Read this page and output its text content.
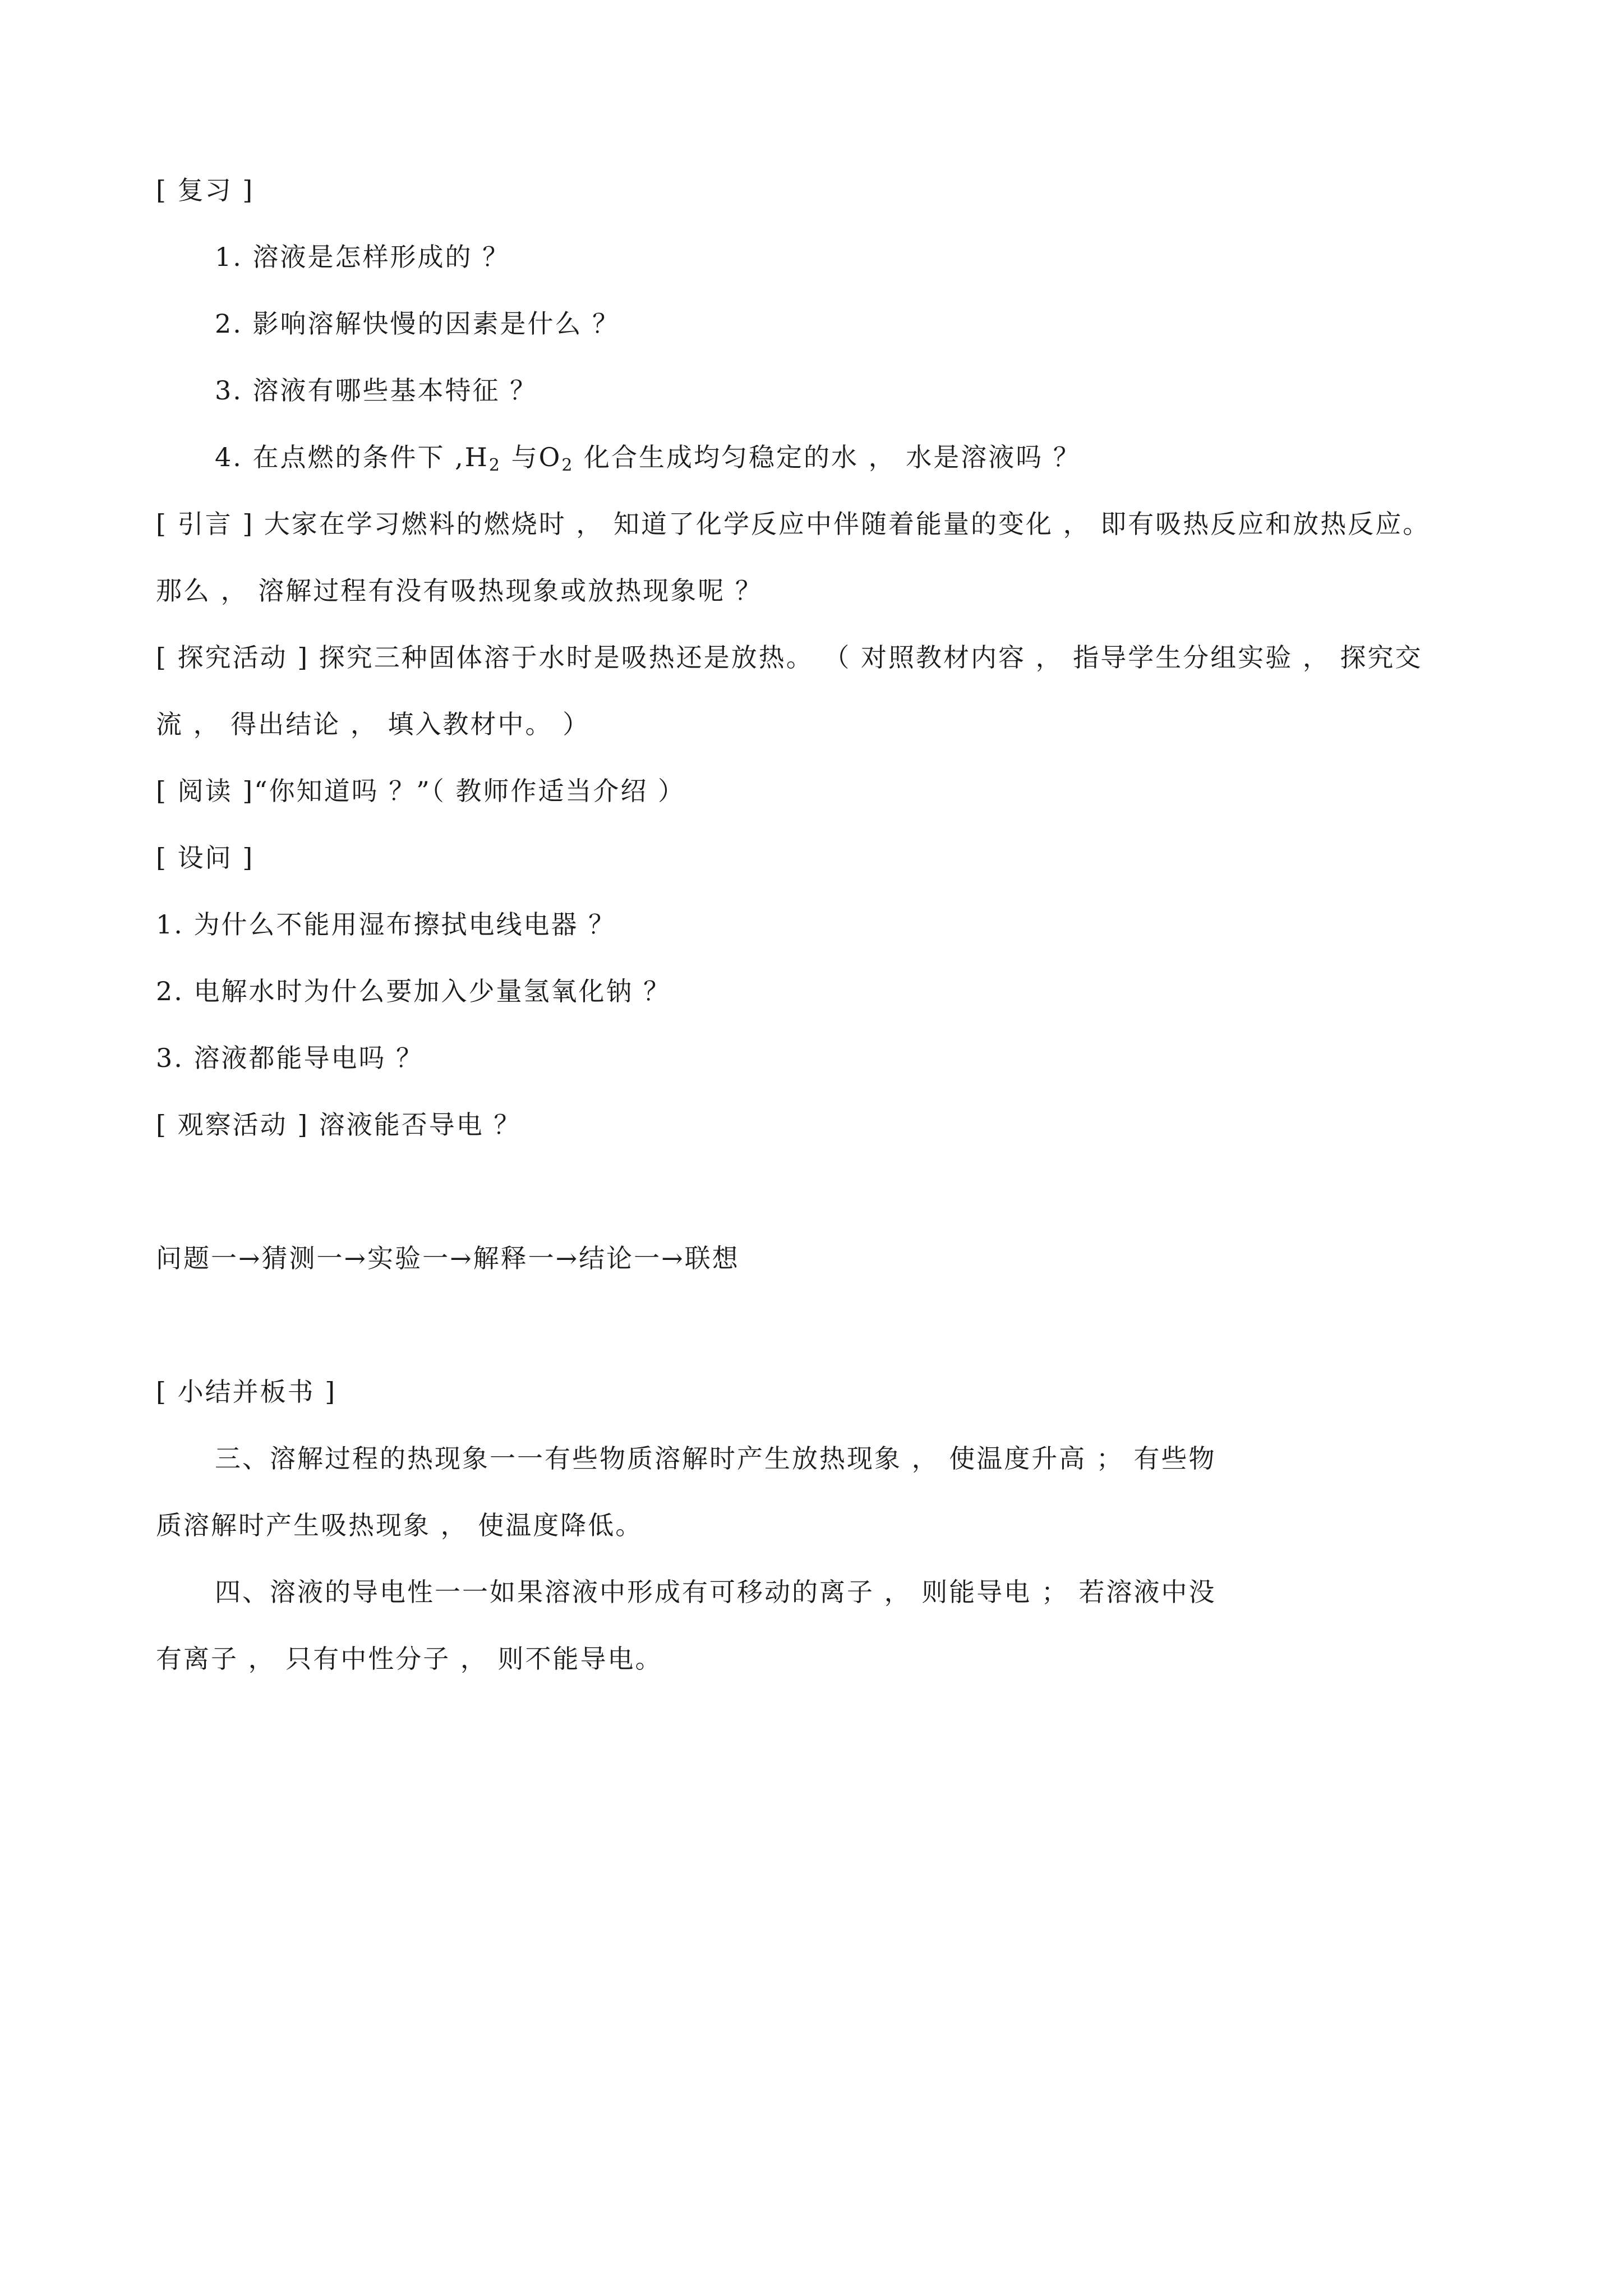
[ 复习 ]
1. 溶液是怎样形成的 ？
2. 影响溶解快慢的因素是什么 ？
3. 溶液有哪些基本特征 ？
4. 在点燃的条件下 $,H_2$ 与$O_2$ 化合生成均匀稳定的水 ， 水是溶液吗 ？
[ 引言 ] 大家在学习燃料的燃烧时 ， 知道了化学反应中伴随着能量的变化 ， 即有吸热反应和放热反应。
那么 ， 溶解过程有没有吸热现象或放热现象呢 ？
[ 探究活动 ] 探究三种固体溶于水时是吸热还是放热。 （ 对照教材内容 ， 指导学生分组实验 ， 探究交
流 ， 得出结论 ， 填入教材中。 ）
[ 阅读 ]“你知道吗 ？”（ 教师作适当介绍 ）
[ 设问 ]
1. 为什么不能用湿布擦拭电线电器 ？
2. 电解水时为什么要加入少量氢氧化钠 ？
3. 溶液都能导电吗 ？
[ 观察活动 ] 溶液能否导电 ？
问题一→猜测一→实验一→解释一→结论一→联想
[ 小结并板书 ]
三、溶解过程的热现象一一有些物质溶解时产生放热现象 ， 使温度升高 ； 有些物
质溶解时产生吸热现象 ， 使温度降低。
四、溶液的导电性一一如果溶液中形成有可移动的离子 ， 则能导电 ； 若溶液中没
有离子 ， 只有中性分子 ， 则不能导电。
